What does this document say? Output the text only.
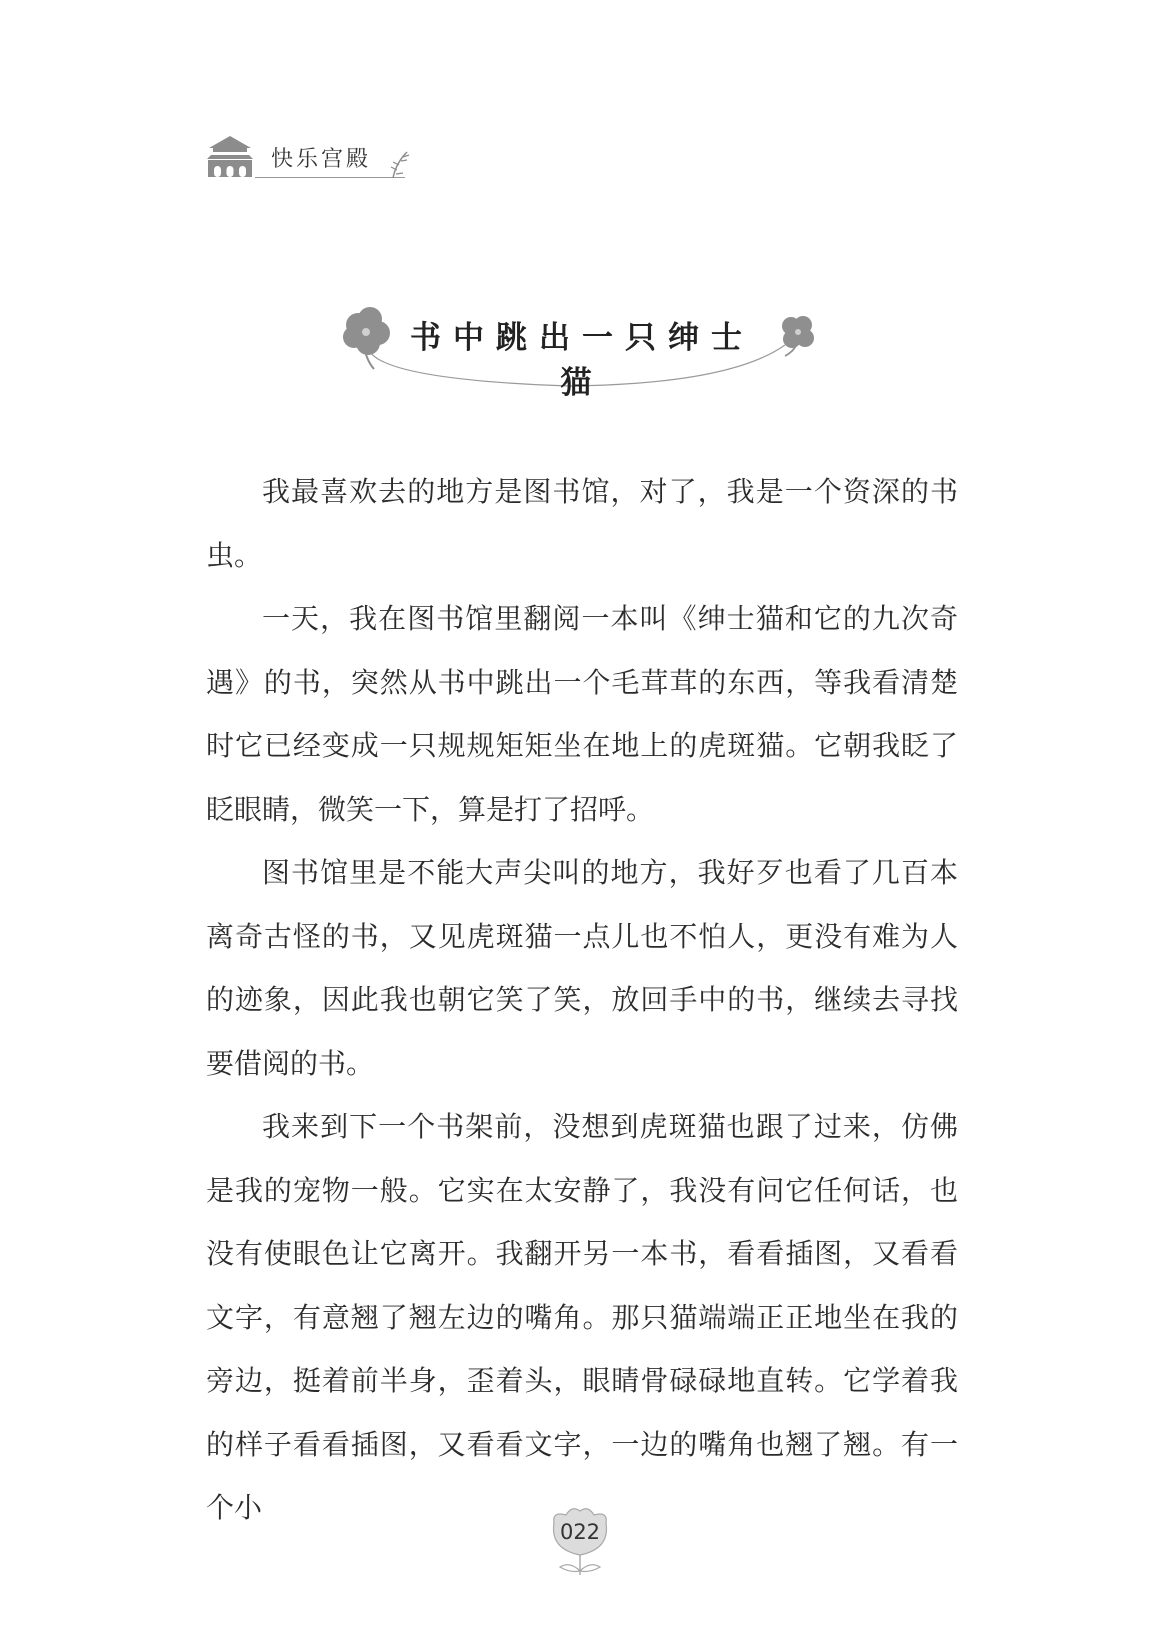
快乐宫殿
书中跳出一只绅士猫

我最喜欢去的地方是图书馆，对了，我是一个资深的书虫。

一天，我在图书馆里翻阅一本叫《绅士猫和它的九次奇遇》的书，突然从书中跳出一个毛茸茸的东西，等我看清楚时它已经变成一只规规矩矩坐在地上的虎斑猫。它朝我眨了眨眼睛，微笑一下，算是打了招呼。

图书馆里是不能大声尖叫的地方，我好歹也看了几百本离奇古怪的书，又见虎斑猫一点儿也不怕人，更没有难为人的迹象，因此我也朝它笑了笑，放回手中的书，继续去寻找要借阅的书。

我来到下一个书架前，没想到虎斑猫也跟了过来，仿佛是我的宠物一般。它实在太安静了，我没有问它任何话，也没有使眼色让它离开。我翻开另一本书，看看插图，又看看文字，有意翘了翘左边的嘴角。那只猫端端正正地坐在我的旁边，挺着前半身，歪着头，眼睛骨碌碌地直转。它学着我的样子看看插图，又看看文字，一边的嘴角也翘了翘。有一个小

022
